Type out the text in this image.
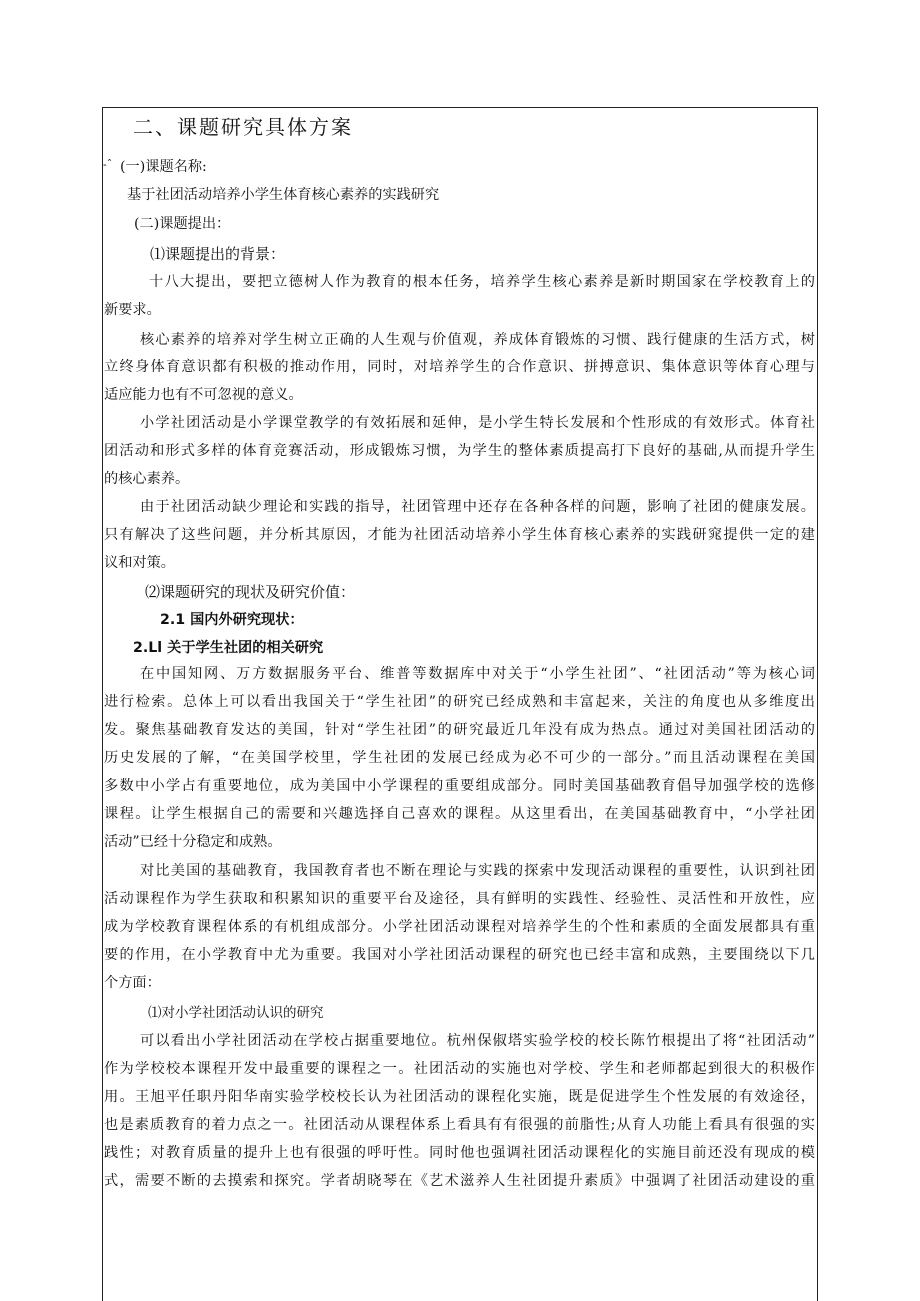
二、课题研究具体方案
-ˆ (一)课题名称:
基于社团活动培养小学生体育核心素养的实践研究
(二)课题提出：
⑴课题提出的背景：
十八大提出，要把立德树人作为教育的根本任务，培养学生核心素养是新时期国家在学校教育上的
新要求。
核心素养的培养对学生树立正确的人生观与价值观，养成体育锻炼的习惯、践行健康的生活方式，树
立终身体育意识都有积极的推动作用，同时，对培养学生的合作意识、拼搏意识、集体意识等体育心理与
适应能力也有不可忽视的意义。
小学社团活动是小学课堂教学的有效拓展和延伸，是小学生特长发展和个性形成的有效形式。体育社
团活动和形式多样的体育竞赛活动，形成锻炼习惯，为学生的整体素质提高打下良好的基础,从而提升学生
的核心素养。
由于社团活动缺少理论和实践的指导，社团管理中还存在各种各样的问题，影响了社团的健康发展。
只有解决了这些问题，并分析其原因，才能为社团活动培养小学生体育核心素养的实践研窕提供一定的建
议和对策。
⑵课题研究的现状及研究价值：
2.1 国内外研究现状：
2.Ll 关于学生社团的相关研究
在中国知网、万方数据服务平台、维普等数据库中对关于“小学生社团”、“社团活动”等为核心词
进行检索。总体上可以看出我国关于“学生社团”的研究已经成熟和丰富起来，关注的角度也从多维度出
发。聚焦基础教育发达的美国，针对“学生社团”的研究最近几年没有成为热点。通过对美国社团活动的
历史发展的了解，“在美国学校里，学生社团的发展已经成为必不可少的一部分。”而且活动课程在美国
多数中小学占有重要地位，成为美国中小学课程的重要组成部分。同时美国基础教育倡导加强学校的选修
课程。让学生根据自己的需要和兴趣选择自己喜欢的课程。从这里看出，在美国基础教育中，“小学社团
活动”已经十分稳定和成熟。
对比美国的基础教育，我国教育者也不断在理论与实践的探索中发现活动课程的重要性，认识到社团
活动课程作为学生获取和积累知识的重要平台及途径，具有鲜明的实践性、经验性、灵活性和开放性，应
成为学校教育课程体系的有机组成部分。小学社团活动课程对培养学生的个性和素质的全面发展都具有重
要的作用，在小学教育中尤为重要。我国对小学社团活动课程的研究也已经丰富和成熟，主要围绕以下几
个方面：
⑴对小学社团活动认识的研究
可以看出小学社团活动在学校占据重要地位。杭州保俶塔实验学校的校长陈竹根提出了将“社团活动”
作为学校校本课程开发中最重要的课程之一。社团活动的实施也对学校、学生和老师都起到很大的积极作
用。王旭平任职丹阳华南实验学校校长认为社团活动的课程化实施，既是促进学生个性发展的有效途径，
也是素质教育的着力点之一。社团活动从课程体系上看具有有很强的前脂性;从育人功能上看具有很强的实
践性；对教育质量的提升上也有很强的呼吁性。同时他也强调社团活动课程化的实施目前还没有现成的模
式，需要不断的去摸索和探究。学者胡晓琴在《艺术滋养人生社团提升素质》中强调了社团活动建设的重
